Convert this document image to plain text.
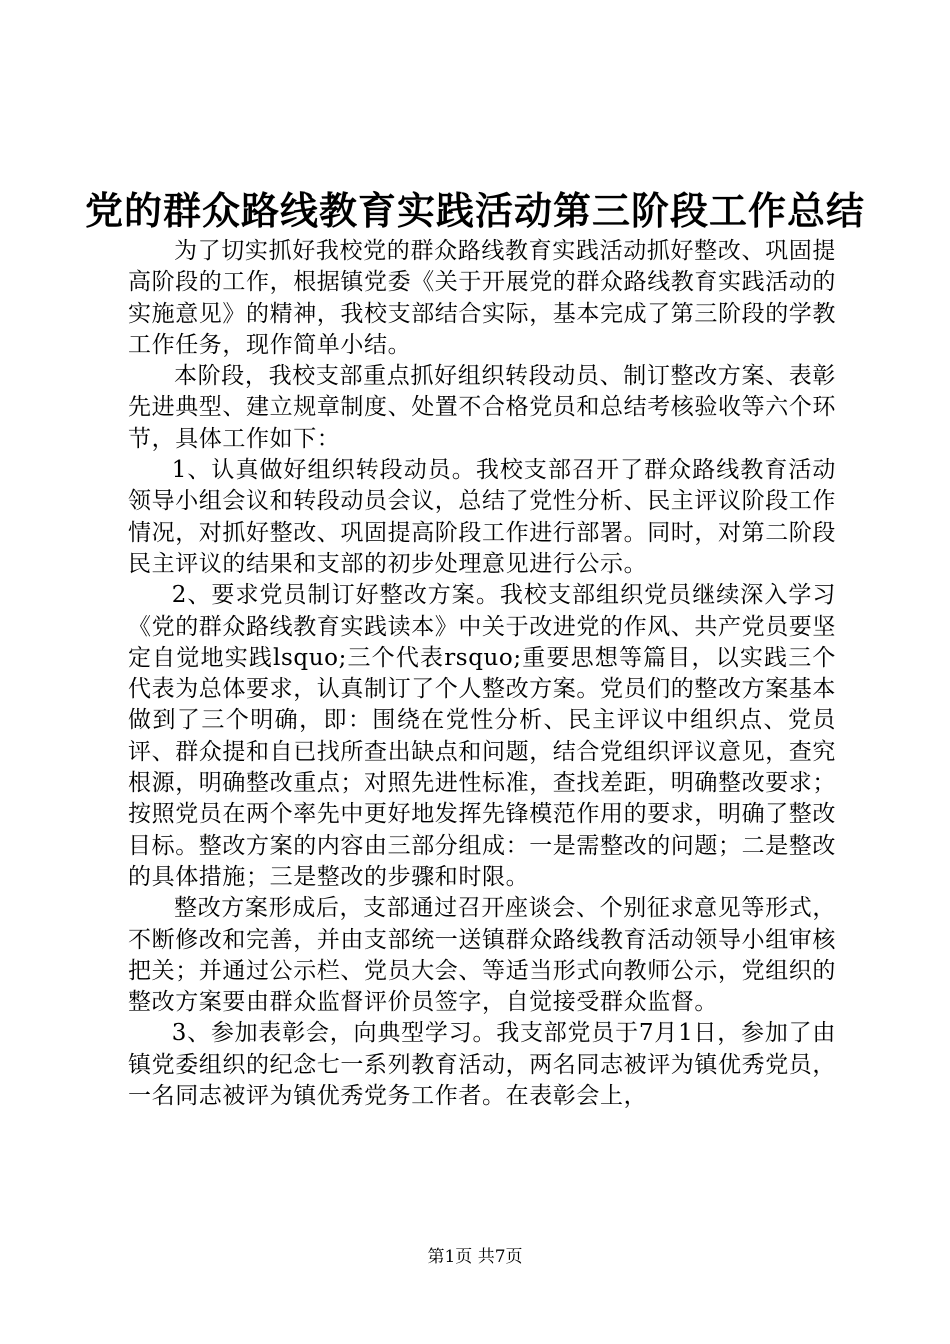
党的群众路线教育实践活动第三阶段工作总结

为了切实抓好我校党的群众路线教育实践活动抓好整改、巩固提高阶段的工作，根据镇党委《关于开展党的群众路线教育实践活动的实施意见》的精神，我校支部结合实际，基本完成了第三阶段的学教工作任务，现作简单小结。

本阶段，我校支部重点抓好组织转段动员、制订整改方案、表彰先进典型、建立规章制度、处置不合格党员和总结考核验收等六个环节，具体工作如下：

1、认真做好组织转段动员。我校支部召开了群众路线教育活动领导小组会议和转段动员会议，总结了党性分析、民主评议阶段工作情况，对抓好整改、巩固提高阶段工作进行部署。同时，对第二阶段民主评议的结果和支部的初步处理意见进行公示。

2、要求党员制订好整改方案。我校支部组织党员继续深入学习《党的群众路线教育实践读本》中关于改进党的作风、共产党员要坚定自觉地实践lsquo;三个代表rsquo;重要思想等篇目，以实践三个代表为总体要求，认真制订了个人整改方案。党员们的整改方案基本做到了三个明确，即：围绕在党性分析、民主评议中组织点、党员评、群众提和自已找所查出缺点和问题，结合党组织评议意见，查究根源，明确整改重点；对照先进性标准，查找差距，明确整改要求；按照党员在两个率先中更好地发挥先锋模范作用的要求，明确了整改目标。整改方案的内容由三部分组成：一是需整改的问题；二是整改的具体措施；三是整改的步骤和时限。

整改方案形成后，支部通过召开座谈会、个别征求意见等形式，不断修改和完善，并由支部统一送镇群众路线教育活动领导小组审核把关；并通过公示栏、党员大会、等适当形式向教师公示，党组织的整改方案要由群众监督评价员签字，自觉接受群众监督。

3、参加表彰会，向典型学习。我支部党员于7月1日，参加了由镇党委组织的纪念七一系列教育活动，两名同志被评为镇优秀党员，一名同志被评为镇优秀党务工作者。在表彰会上，

第1页 共7页
